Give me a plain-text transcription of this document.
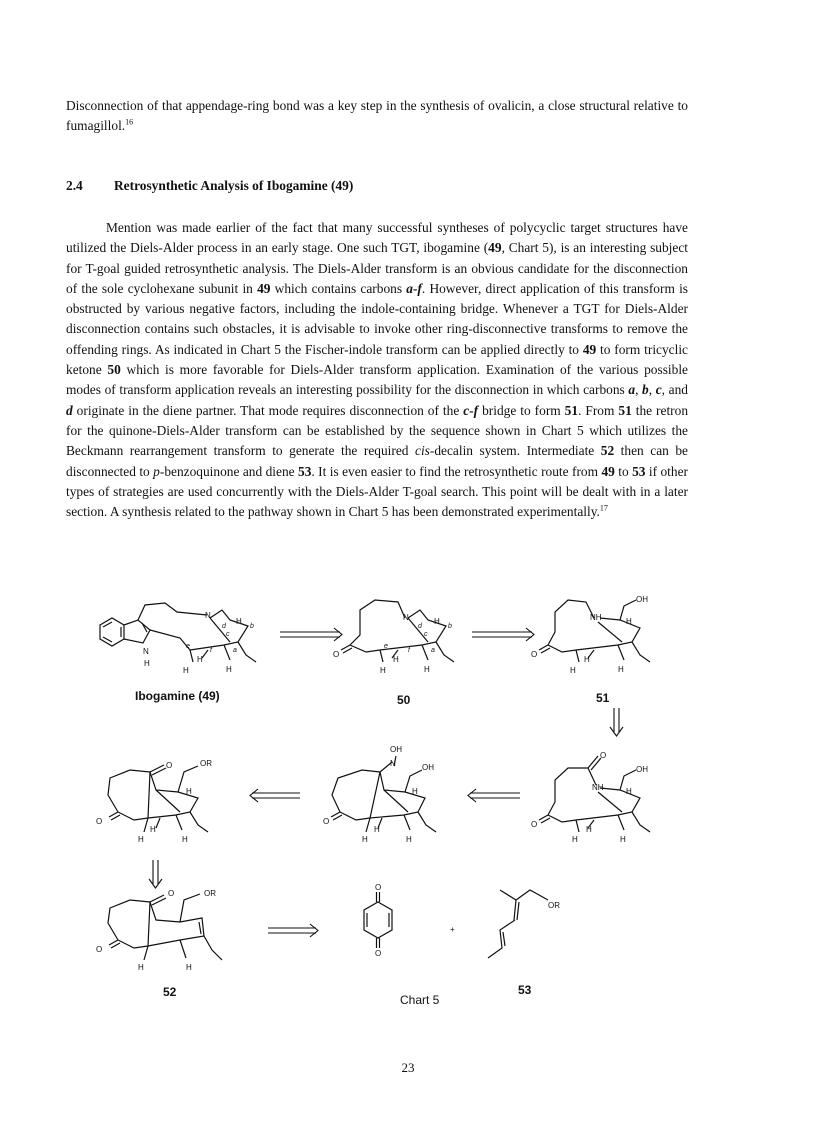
Disconnection of that appendage-ring bond was a key step in the synthesis of ovalicin, a close structural relative to fumagillol.$^{16}$

2.4 Retrosynthetic Analysis of Ibogamine (49)

Mention was made earlier of the fact that many successful syntheses of polycyclic target structures have utilized the Diels-Alder process in an early stage. One such TGT, ibogamine (49, Chart 5), is an interesting subject for T-goal guided retrosynthetic analysis. The Diels-Alder transform is an obvious candidate for the disconnection of the sole cyclohexane subunit in 49 which contains carbons a-f. However, direct application of this transform is obstructed by various negative factors, including the indole-containing bridge. Whenever a TGT for Diels-Alder disconnection contains such obstacles, it is advisable to invoke other ring-disconnective transforms to remove the offending rings. As indicated in Chart 5 the Fischer-indole transform can be applied directly to 49 to form tricyclic ketone 50 which is more favorable for Diels-Alder transform application. Examination of the various possible modes of transform application reveals an interesting possibility for the disconnection in which carbons a, b, c, and d originate in the diene partner. That mode requires disconnection of the c-f bridge to form 51. From 51 the retron for the quinone-Diels-Alder transform can be established by the sequence shown in Chart 5 which utilizes the Beckmann rearrangement transform to generate the required cis-decalin system. Intermediate 52 then can be disconnected to p-benzoquinone and diene 53. It is even easier to find the retrosynthetic route from 49 to 53 if other types of strategies are used concurrently with the Diels-Alder T-goal search. This point will be dealt with in a later section. A synthesis related to the pathway shown in Chart 5 has been demonstrated experimentally.$^{17}$

N
H
N
H
H
H
H
d	b
c
f
e
a
Ibogamine (49)
O
N	H
H
H
H
d	b
c
f
e
a
50
O
NH
OH
H
H
H
H
51
O
O
NH
OH
H
H
H
H
OH
N	OH
O
H
H
H
H
O	OR
O
H
H
H
H
O	OR
O
H	H
52
O
O
+
OR
53
Chart 5
23
